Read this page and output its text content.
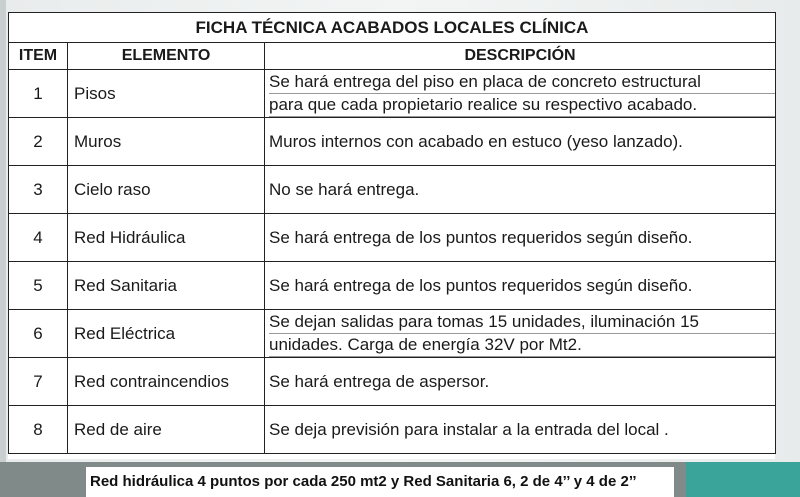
FICHA TÉCNICA ACABADOS LOCALES CLÍNICA		
ITEM	ELEMENTO	DESCRIPCIÓN
1	Pisos	Se hará entrega del piso en placa de concreto estructural
para que cada propietario realice su respectivo acabado.

2	Muros	Muros internos con acabado en estuco (yeso lanzado).

3	Cielo raso	No se hará entrega.

4	Red Hidráulica	Se hará entrega de los puntos requeridos según diseño.

5	Red Sanitaria	Se hará entrega de los puntos requeridos según diseño.

6	Red Eléctrica	Se dejan salidas para tomas 15 unidades, iluminación 15
unidades. Carga de energía 32V por Mt2.

7	Red contraincendios	Se hará entrega de aspersor.

8	Red de aire	Se deja previsión para instalar a la entrada del local .
Red hidráulica 4 puntos por cada 250 mt2 y Red Sanitaria 6, 2 de 4’’ y 4 de 2’’
